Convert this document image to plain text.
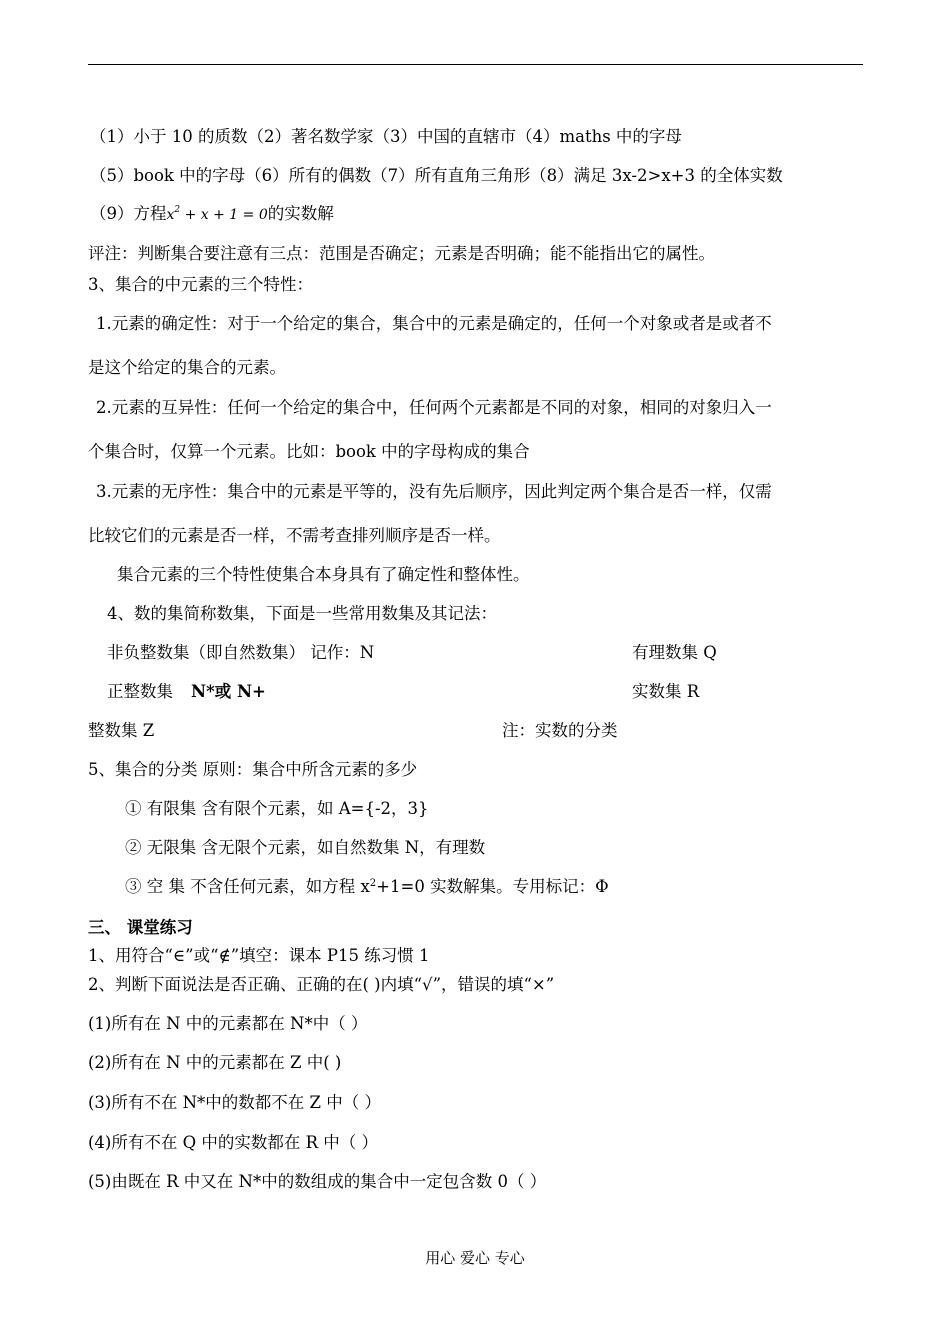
（1）小于 10 的质数（2）著名数学家（3）中国的直辖市（4）maths 中的字母
（5）book 中的字母（6）所有的偶数（7）所有直角三角形（8）满足 3x-2>x+3 的全体实数
（9）方程$x^2 + x + 1 = 0$的实数解
评注：判断集合要注意有三点：范围是否确定；元素是否明确；能不能指出它的属性。
3、集合的中元素的三个特性：
1.元素的确定性：对于一个给定的集合，集合中的元素是确定的，任何一个对象或者是或者不
是这个给定的集合的元素。
2.元素的互异性：任何一个给定的集合中，任何两个元素都是不同的对象，相同的对象归入一
个集合时，仅算一个元素。比如：book 中的字母构成的集合
3.元素的无序性：集合中的元素是平等的，没有先后顺序，因此判定两个集合是否一样，仅需
比较它们的元素是否一样，不需考查排列顺序是否一样。
集合元素的三个特性使集合本身具有了确定性和整体性。
4、数的集简称数集，下面是一些常用数集及其记法：
非负整数集（即自然数集） 记作：N	有理数集 Q
正整数集 N*或 N+	实数集 R
整数集 Z	注：实数的分类
5、集合的分类 原则：集合中所含元素的多少
① 有限集 含有限个元素，如 A={-2，3}
② 无限集 含无限个元素，如自然数集 N，有理数
③ 空 集 不含任何元素，如方程 $x^2+1=0$ 实数解集。专用标记：Φ
三、 课堂练习
1、用符合“∈”或“∉”填空：课本 P15 练习惯 1
2、判断下面说法是否正确、正确的在( )内填“√”，错误的填“×”
(1)所有在 N 中的元素都在 N*中（ ）
(2)所有在 N 中的元素都在 Z 中( )
(3)所有不在 N*中的数都不在 Z 中（ ）
(4)所有不在 Q 中的实数都在 R 中（ ）
(5)由既在 R 中又在 N*中的数组成的集合中一定包含数 0（ ）
用心 爱心 专心
